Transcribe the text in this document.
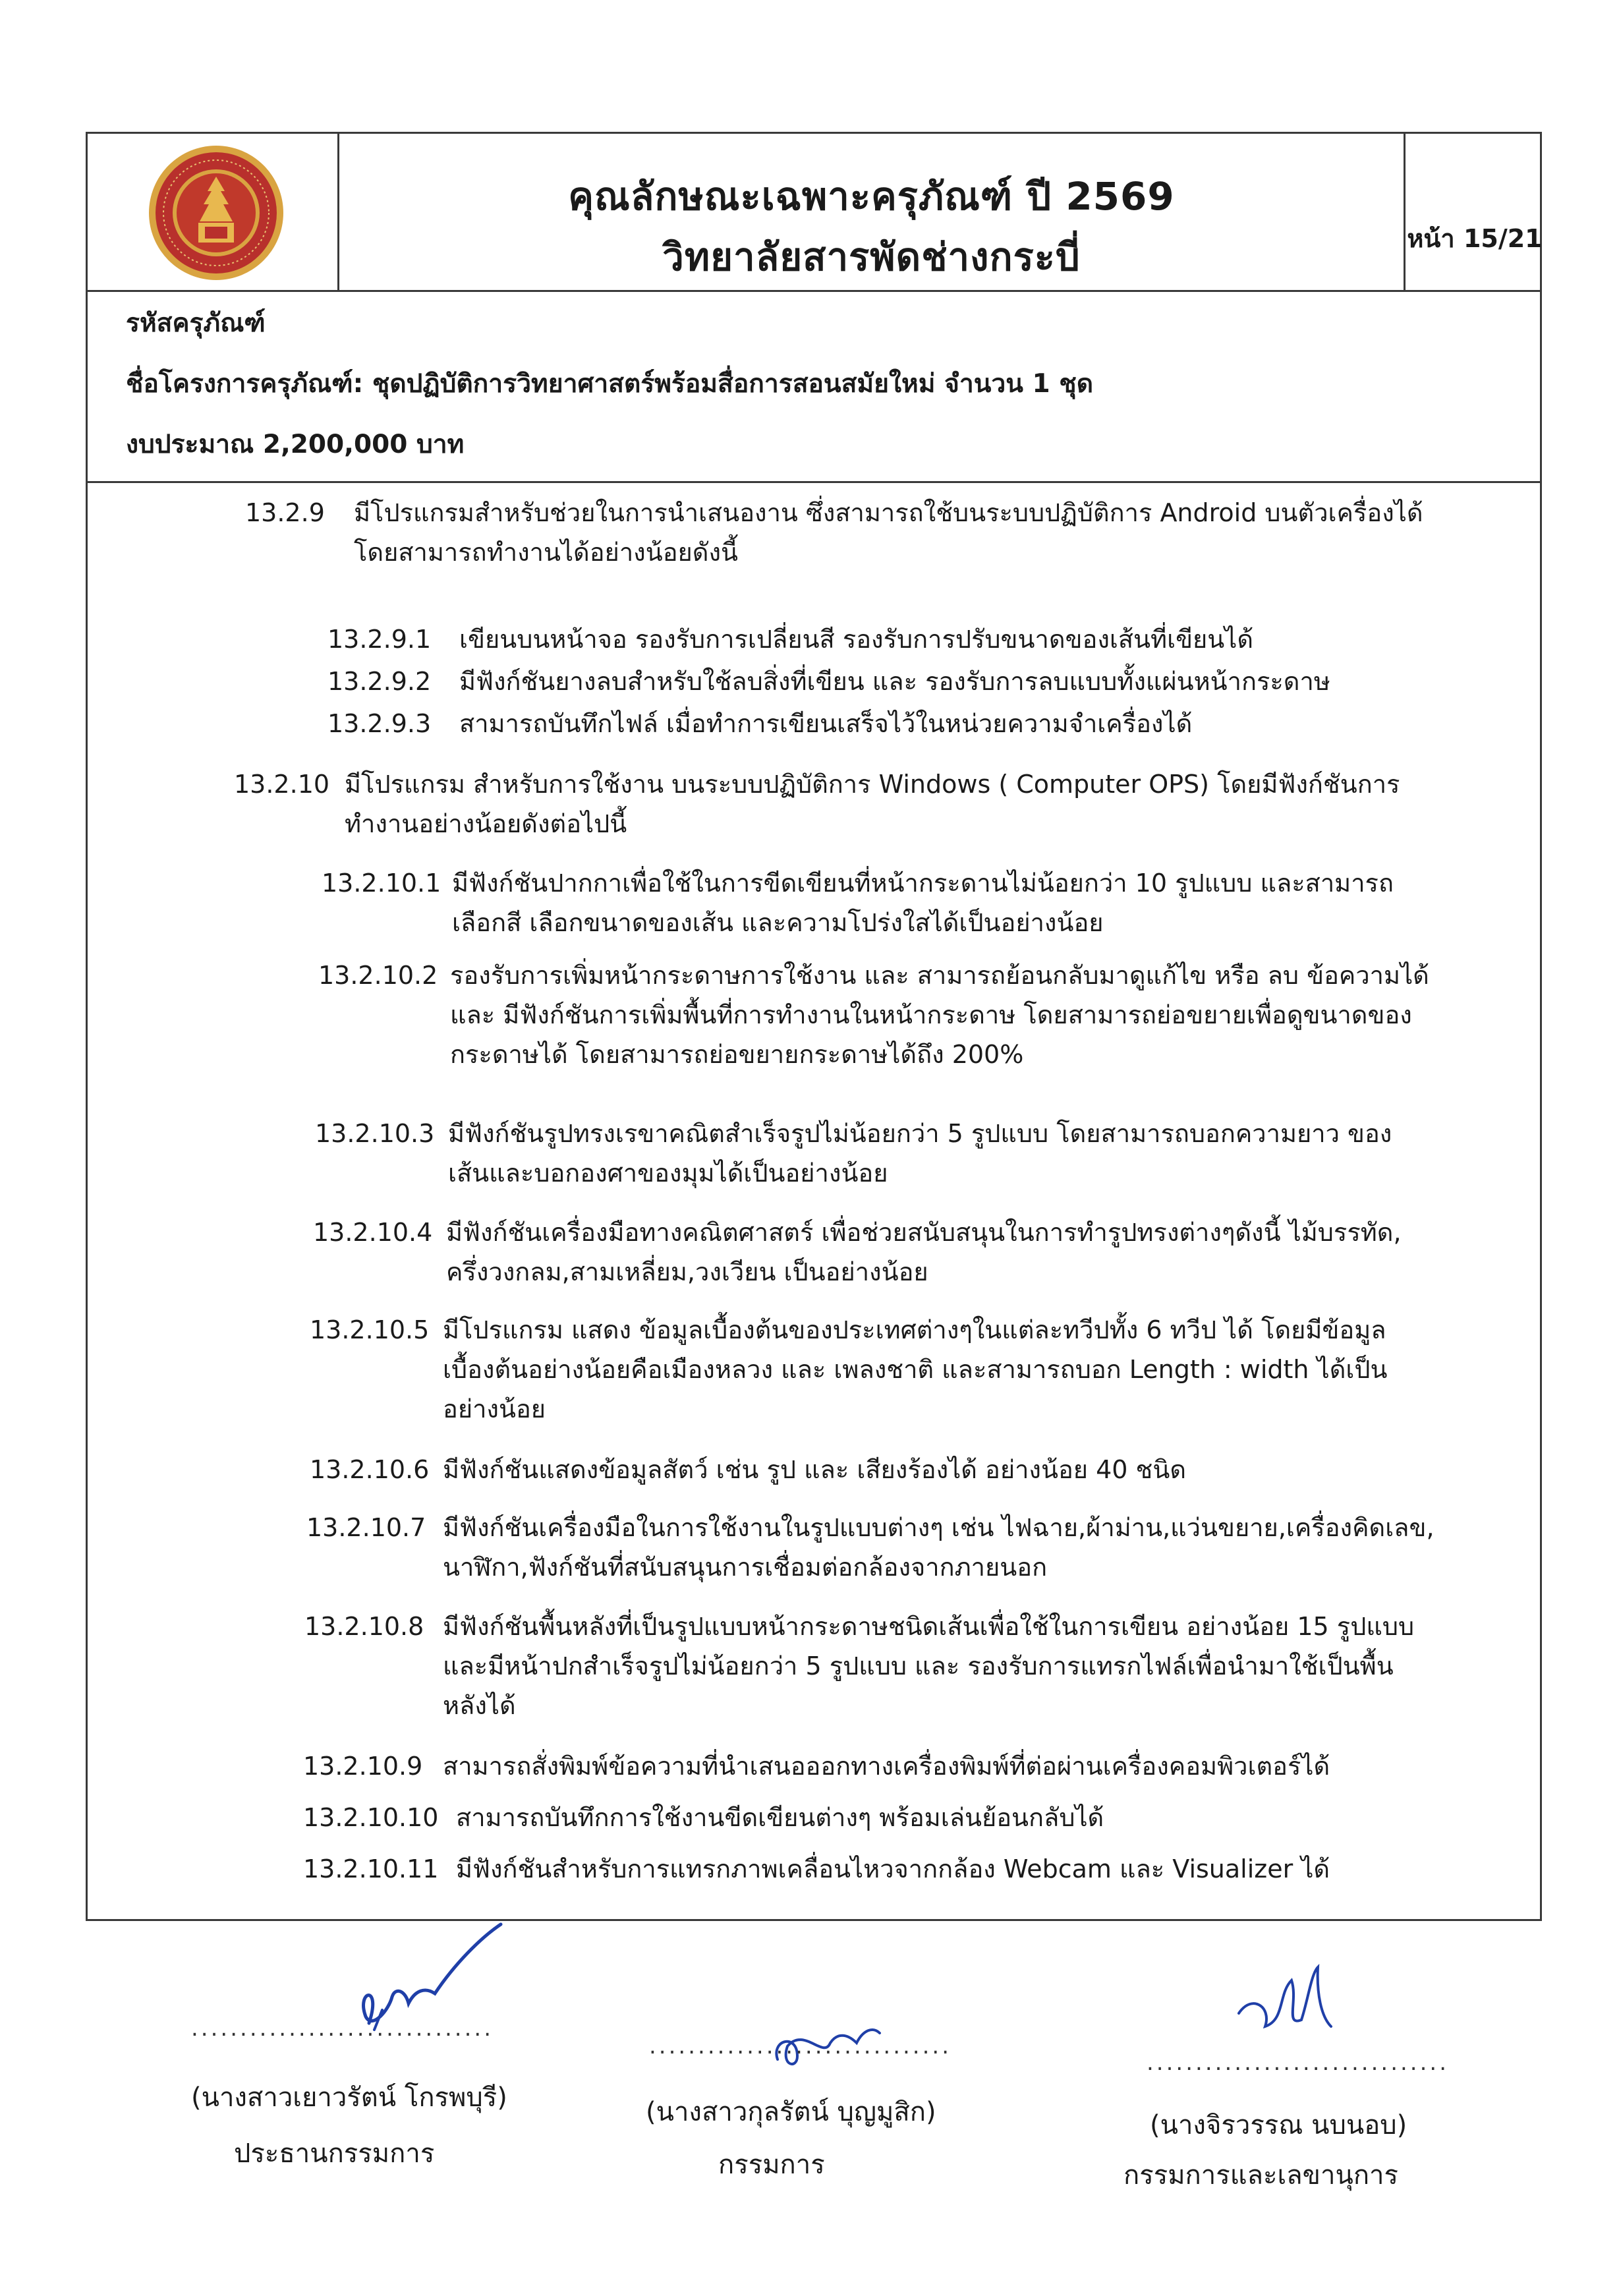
คุณลักษณะเฉพาะครุภัณฑ์ ปี 2569
วิทยาลัยสารพัดช่างกระบี่	หน้า 15/21
รหัสครุภัณฑ์
ชื่อโครงการครุภัณฑ์: ชุดปฏิบัติการวิทยาศาสตร์พร้อมสื่อการสอนสมัยใหม่ จำนวน 1 ชุด
งบประมาณ 2,200,000 บาท
13.2.9 มีโปรแกรมสำหรับช่วยในการนำเสนองาน ซึ่งสามารถใช้บนระบบปฏิบัติการ Android บนตัวเครื่องได้
โดยสามารถทำงานได้อย่างน้อยดังนี้
13.2.9.1 เขียนบนหน้าจอ รองรับการเปลี่ยนสี รองรับการปรับขนาดของเส้นที่เขียนได้
13.2.9.2 มีฟังก์ชันยางลบสำหรับใช้ลบสิ่งที่เขียน และ รองรับการลบแบบทั้งแผ่นหน้ากระดาษ
13.2.9.3 สามารถบันทึกไฟล์ เมื่อทำการเขียนเสร็จไว้ในหน่วยความจำเครื่องได้
13.2.10 มีโปรแกรม สำหรับการใช้งาน บนระบบปฏิบัติการ Windows ( Computer OPS) โดยมีฟังก์ชันการ
ทำงานอย่างน้อยดังต่อไปนี้
13.2.10.1 มีฟังก์ชันปากกาเพื่อใช้ในการขีดเขียนที่หน้ากระดานไม่น้อยกว่า 10 รูปแบบ และสามารถ
เลือกสี เลือกขนาดของเส้น และความโปร่งใสได้เป็นอย่างน้อย
13.2.10.2 รองรับการเพิ่มหน้ากระดาษการใช้งาน และ สามารถย้อนกลับมาดูแก้ไข หรือ ลบ ข้อความได้
และ มีฟังก์ชันการเพิ่มพื้นที่การทำงานในหน้ากระดาษ โดยสามารถย่อขยายเพื่อดูขนาดของ
กระดาษได้ โดยสามารถย่อขยายกระดาษได้ถึง 200%
13.2.10.3 มีฟังก์ชันรูปทรงเรขาคณิตสำเร็จรูปไม่น้อยกว่า 5 รูปแบบ โดยสามารถบอกความยาว ของ
เส้นและบอกองศาของมุมได้เป็นอย่างน้อย
13.2.10.4 มีฟังก์ชันเครื่องมือทางคณิตศาสตร์ เพื่อช่วยสนับสนุนในการทำรูปทรงต่างๆดังนี้ ไม้บรรทัด,
ครึ่งวงกลม,สามเหลี่ยม,วงเวียน เป็นอย่างน้อย
13.2.10.5 มีโปรแกรม แสดง ข้อมูลเบื้องต้นของประเทศต่างๆในแต่ละทวีปทั้ง 6 ทวีป ได้ โดยมีข้อมูล
เบื้องต้นอย่างน้อยคือเมืองหลวง และ เพลงชาติ และสามารถบอก Length : width ได้เป็น
อย่างน้อย
13.2.10.6 มีฟังก์ชันแสดงข้อมูลสัตว์ เช่น รูป และ เสียงร้องได้ อย่างน้อย 40 ชนิด
13.2.10.7 มีฟังก์ชันเครื่องมือในการใช้งานในรูปแบบต่างๆ เช่น ไฟฉาย,ผ้าม่าน,แว่นขยาย,เครื่องคิดเลข,
นาฬิกา,ฟังก์ชันที่สนับสนุนการเชื่อมต่อกล้องจากภายนอก
13.2.10.8 มีฟังก์ชันพื้นหลังที่เป็นรูปแบบหน้ากระดาษชนิดเส้นเพื่อใช้ในการเขียน อย่างน้อย 15 รูปแบบ
และมีหน้าปกสำเร็จรูปไม่น้อยกว่า 5 รูปแบบ และ รองรับการแทรกไฟล์เพื่อนำมาใช้เป็นพื้น
หลังได้
13.2.10.9 สามารถสั่งพิมพ์ข้อความที่นำเสนอออกทางเครื่องพิมพ์ที่ต่อผ่านเครื่องคอมพิวเตอร์ได้
13.2.10.10 สามารถบันทึกการใช้งานขีดเขียนต่างๆ พร้อมเล่นย้อนกลับได้
13.2.10.11 มีฟังก์ชันสำหรับการแทรกภาพเคลื่อนไหวจากกล้อง Webcam และ Visualizer ได้
...............................
(นางสาวเยาวรัตน์ โกรพบุรี)
ประธานกรรมการ
...............................
(นางสาวกุลรัตน์ บุญมูสิก)
กรรมการ
...............................
(นางจิรวรรณ นบนอบ)
กรรมการและเลขานุการ
